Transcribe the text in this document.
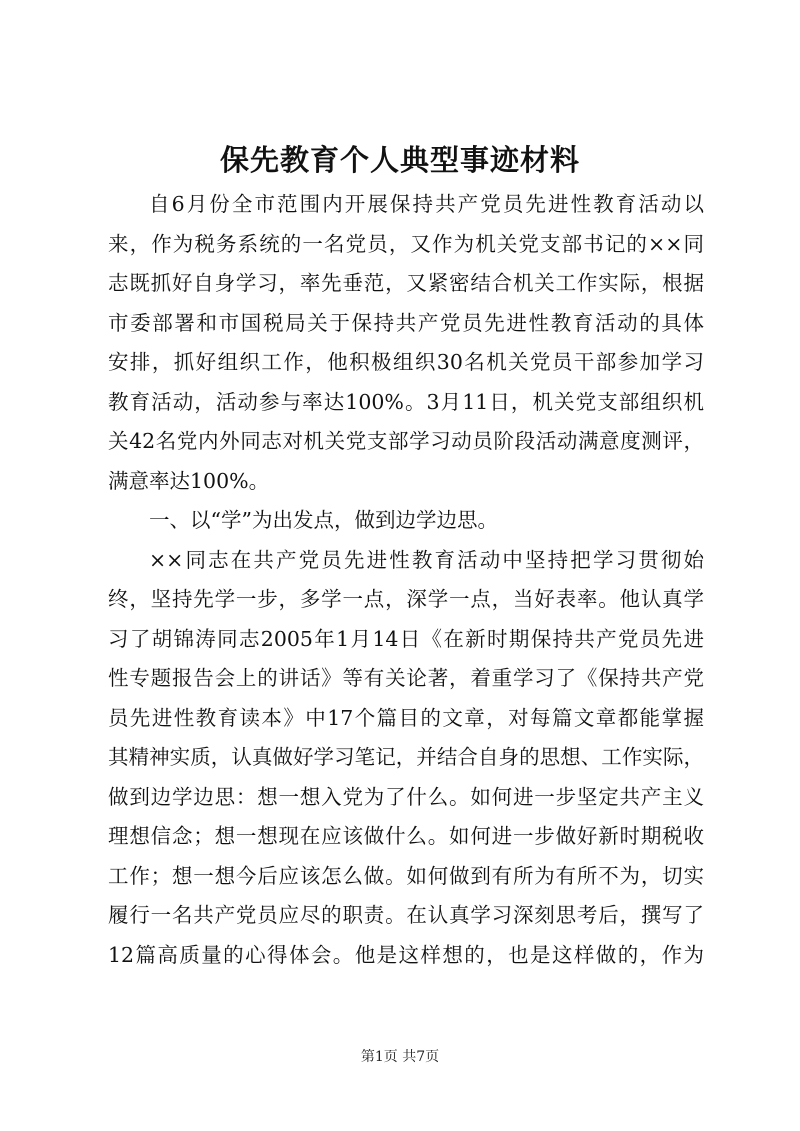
保先教育个人典型事迹材料
自6月份全市范围内开展保持共产党员先进性教育活动以
来，作为税务系统的一名党员，又作为机关党支部书记的××同
志既抓好自身学习，率先垂范，又紧密结合机关工作实际，根据
市委部署和市国税局关于保持共产党员先进性教育活动的具体
安排，抓好组织工作，他积极组织30名机关党员干部参加学习
教育活动，活动参与率达100%。3月11日，机关党支部组织机
关42名党内外同志对机关党支部学习动员阶段活动满意度测评，
满意率达100%。
一、以“学”为出发点，做到边学边思。
××同志在共产党员先进性教育活动中坚持把学习贯彻始
终，坚持先学一步，多学一点，深学一点，当好表率。他认真学
习了胡锦涛同志2005年1月14日《在新时期保持共产党员先进
性专题报告会上的讲话》等有关论著，着重学习了《保持共产党
员先进性教育读本》中17个篇目的文章，对每篇文章都能掌握
其精神实质，认真做好学习笔记，并结合自身的思想、工作实际，
做到边学边思：想一想入党为了什么。如何进一步坚定共产主义
理想信念；想一想现在应该做什么。如何进一步做好新时期税收
工作；想一想今后应该怎么做。如何做到有所为有所不为，切实
履行一名共产党员应尽的职责。在认真学习深刻思考后，撰写了
12篇高质量的心得体会。他是这样想的，也是这样做的，作为
第1页 共7页
